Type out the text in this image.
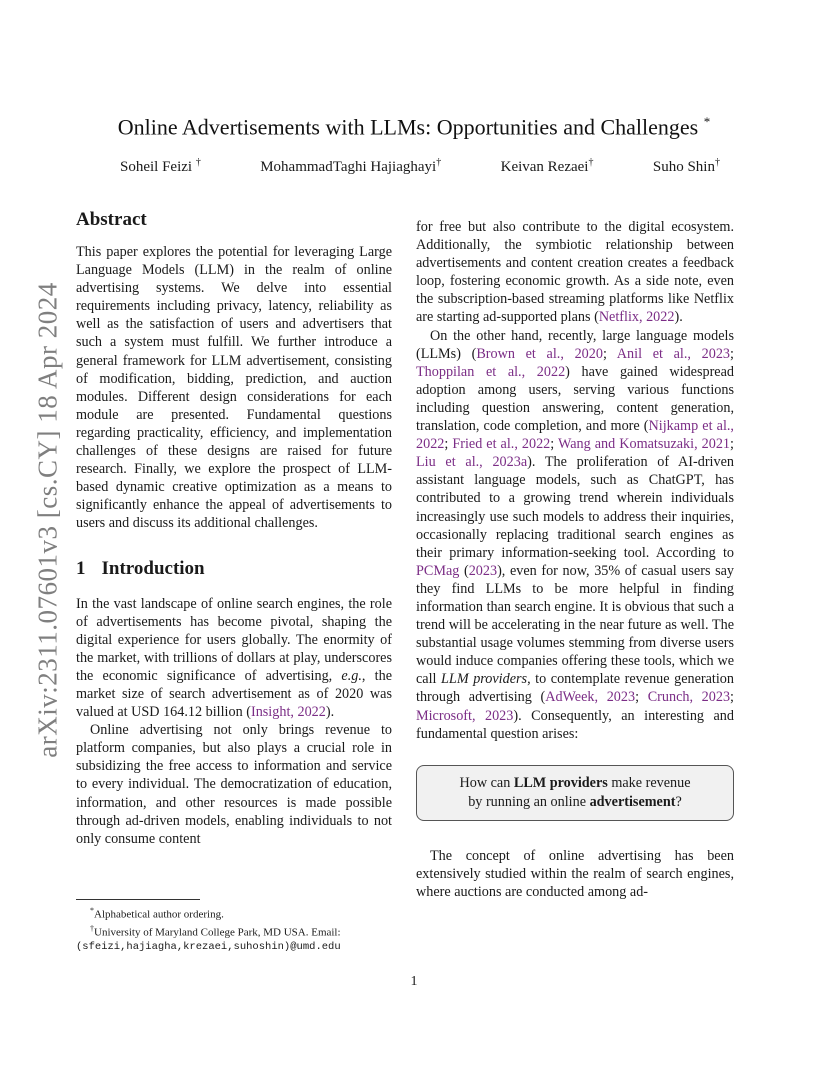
arXiv:2311.07601v3 [cs.CY] 18 Apr 2024
Online Advertisements with LLMs: Opportunities and Challenges *
Soheil Feizi †	MohammadTaghi Hajiaghayi†	Keivan Rezaei†	Suho Shin†
Abstract

This paper explores the potential for leveraging Large Language Models (LLM) in the realm of online advertising systems. We delve into essential requirements including privacy, latency, reliability as well as the satisfaction of users and advertisers that such a system must fulfill. We further introduce a general framework for LLM advertisement, consisting of modification, bidding, prediction, and auction modules. Different design considerations for each module are presented. Fundamental questions regarding practicality, efficiency, and implementation challenges of these designs are raised for future research. Finally, we explore the prospect of LLM-based dynamic creative optimization as a means to significantly enhance the appeal of advertisements to users and discuss its additional challenges.

1 Introduction

In the vast landscape of online search engines, the role of advertisements has become pivotal, shaping the digital experience for users globally. The enormity of the market, with trillions of dollars at play, underscores the economic significance of advertising, e.g., the market size of search advertisement as of 2020 was valued at USD 164.12 billion (Insight, 2022).

Online advertising not only brings revenue to platform companies, but also plays a crucial role in subsidizing the free access to information and service to every individual. The democratization of education, information, and other resources is made possible through ad-driven models, enabling individuals to not only consume content

for free but also contribute to the digital ecosystem. Additionally, the symbiotic relationship between advertisements and content creation creates a feedback loop, fostering economic growth. As a side note, even the subscription-based streaming platforms like Netflix are starting ad-supported plans (Netflix, 2022).

On the other hand, recently, large language models (LLMs) (Brown et al., 2020; Anil et al., 2023; Thoppilan et al., 2022) have gained widespread adoption among users, serving various functions including question answering, content generation, translation, code completion, and more (Nijkamp et al., 2022; Fried et al., 2022; Wang and Komatsuzaki, 2021; Liu et al., 2023a). The proliferation of AI-driven assistant language models, such as ChatGPT, has contributed to a growing trend wherein individuals increasingly use such models to address their inquiries, occasionally replacing traditional search engines as their primary information-seeking tool. According to PCMag (2023), even for now, 35% of casual users say they find LLMs to be more helpful in finding information than search engine. It is obvious that such a trend will be accelerating in the near future as well. The substantial usage volumes stemming from diverse users would induce companies offering these tools, which we call LLM providers, to contemplate revenue generation through advertising (AdWeek, 2023; Crunch, 2023; Microsoft, 2023). Consequently, an interesting and fundamental question arises:

How can LLM providers make revenue
by running an online advertisement?

The concept of online advertising has been extensively studied within the realm of search engines, where auctions are conducted among ad-

*Alphabetical author ordering.

†University of Maryland College Park, MD USA. Email:

(sfeizi,hajiagha,krezaei,suhoshin)@umd.edu

1
